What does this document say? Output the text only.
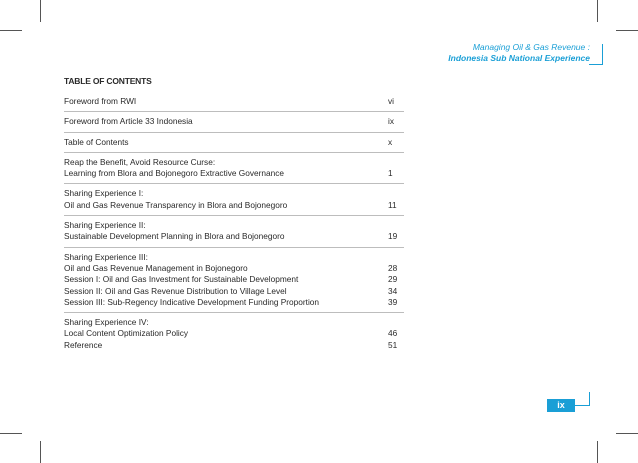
Managing Oil & Gas Revenue :
Indonesia Sub National Experience
TABLE OF CONTENTS
Foreword from RWI	vi
Foreword from Article 33 Indonesia	ix
Table of Contents	x
Reap the Benefit, Avoid Resource Curse:
Learning from Blora and Bojonegoro Extractive Governance	1
Sharing Experience I:
Oil and Gas Revenue Transparency in Blora and Bojonegoro	11
Sharing Experience II:
Sustainable Development Planning in Blora and Bojonegoro	19
Sharing Experience III:
Oil and Gas Revenue Management in Bojonegoro	28
Session I: Oil and Gas Investment for Sustainable Development	29
Session II: Oil and Gas Revenue Distribution to Village Level	34
Session III: Sub-Regency Indicative Development Funding Proportion	39
Sharing Experience IV:
Local Content Optimization Policy	46
Reference	51
ix
